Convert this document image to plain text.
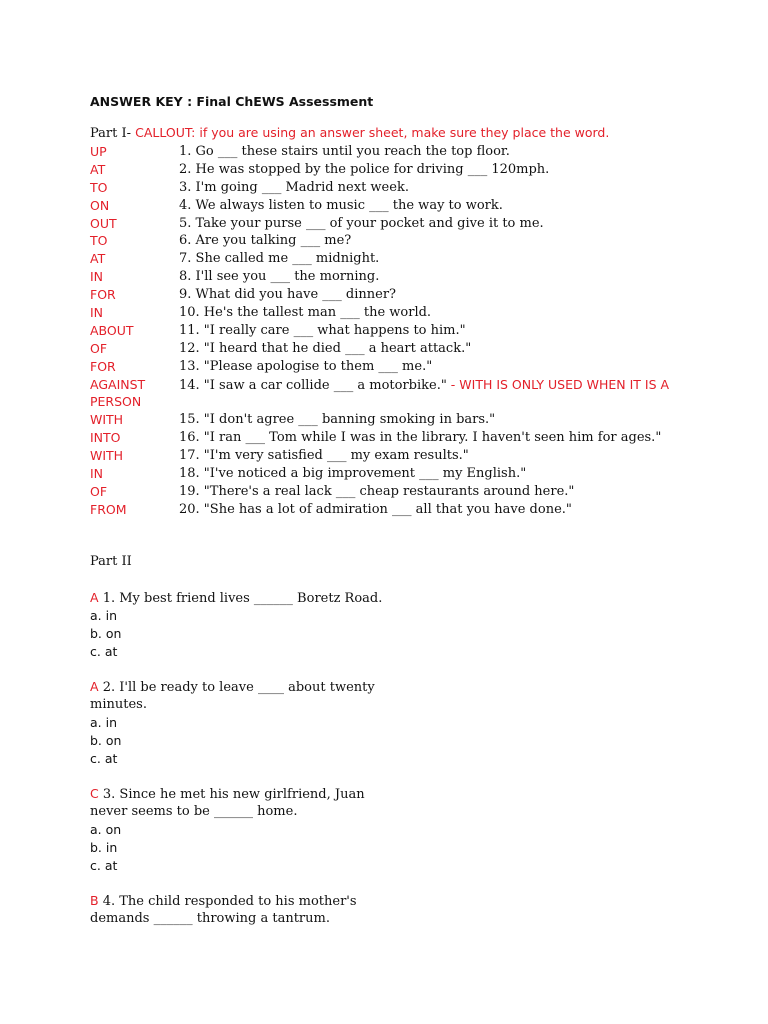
ANSWER KEY : Final ChEWS Assessment
Part I- CALLOUT: if you are using an answer sheet, make sure they place the word.
UP	1. Go ___ these stairs until you reach the top floor.
AT	2. He was stopped by the police for driving ___ 120mph.
TO	3. I'm going ___ Madrid next week.
ON	4. We always listen to music ___ the way to work.
OUT	5. Take your purse ___ of your pocket and give it to me.
TO	6. Are you talking ___ me?
AT	7. She called me ___ midnight.
IN	8. I'll see you ___ the morning.
FOR	9. What did you have ___ dinner?
IN	10. He's the tallest man ___ the world.
ABOUT	11. "I really care ___ what happens to him."
OF	12. "I heard that he died ___ a heart attack."
FOR	13. "Please apologise to them ___ me."
AGAINST	14. "I saw a car collide ___ a motorbike." - WITH IS ONLY USED WHEN IT IS A
PERSON
WITH	15. "I don't agree ___ banning smoking in bars."
INTO	16. "I ran ___ Tom while I was in the library. I haven't seen him for ages."
WITH	17. "I'm very satisfied ___ my exam results."
IN	18. "I've noticed a big improvement ___ my English."
OF	19. "There's a real lack ___ cheap restaurants around here."
FROM	20. "She has a lot of admiration ___ all that you have done."
Part II
A 1. My best friend lives ______ Boretz Road.
a. in
b. on
c. at
A 2. I'll be ready to leave ____ about twenty
minutes.
a. in
b. on
c. at
C 3. Since he met his new girlfriend, Juan
never seems to be ______ home.
a. on
b. in
c. at
B 4. The child responded to his mother's
demands ______ throwing a tantrum.
